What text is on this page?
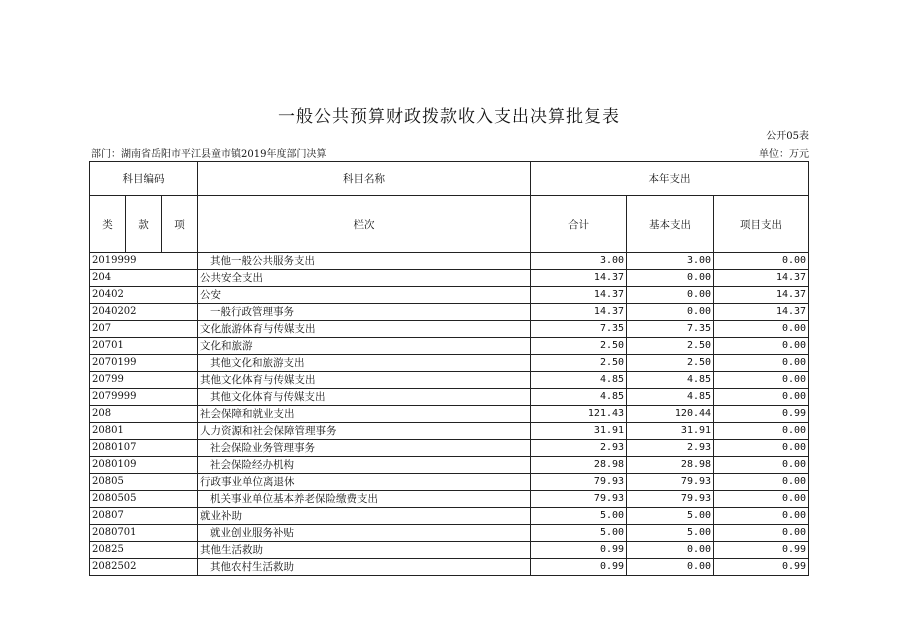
一般公共预算财政拨款收入支出决算批复表
公开05表
部门：湖南省岳阳市平江县童市镇2019年度部门决算	单位：万元
科目编码			科目名称	本年支出		
类	款	项	栏次	合计	基本支出	项目支出
2019999			其他一般公共服务支出	3.00	3.00	0.00
204			公共安全支出	14.37	0.00	14.37
20402			公安	14.37	0.00	14.37
2040202			一般行政管理事务	14.37	0.00	14.37
207			文化旅游体育与传媒支出	7.35	7.35	0.00
20701			文化和旅游	2.50	2.50	0.00
2070199			其他文化和旅游支出	2.50	2.50	0.00
20799			其他文化体育与传媒支出	4.85	4.85	0.00
2079999			其他文化体育与传媒支出	4.85	4.85	0.00
208			社会保障和就业支出	121.43	120.44	0.99
20801			人力资源和社会保障管理事务	31.91	31.91	0.00
2080107			社会保险业务管理事务	2.93	2.93	0.00
2080109			社会保险经办机构	28.98	28.98	0.00
20805			行政事业单位离退休	79.93	79.93	0.00
2080505			机关事业单位基本养老保险缴费支出	79.93	79.93	0.00
20807			就业补助	5.00	5.00	0.00
2080701			就业创业服务补贴	5.00	5.00	0.00
20825			其他生活救助	0.99	0.00	0.99
2082502			其他农村生活救助	0.99	0.00	0.99
